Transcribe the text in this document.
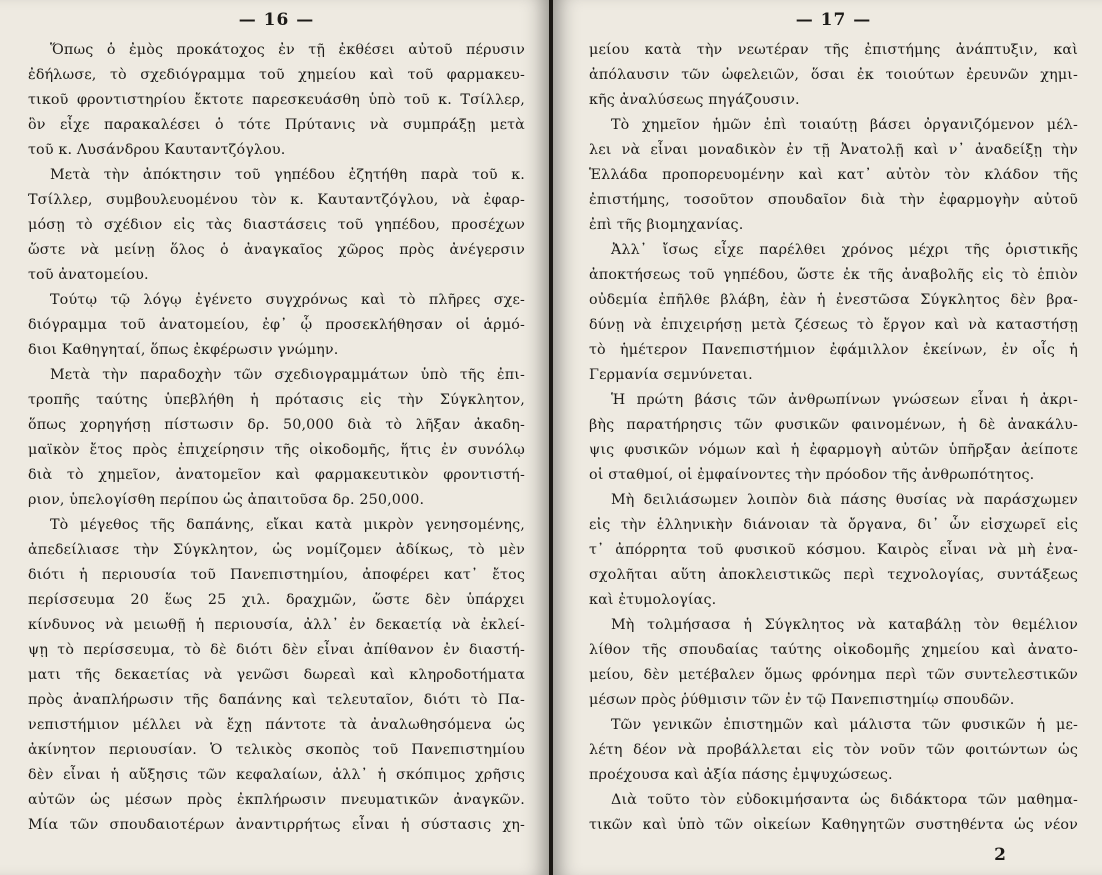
— 16 —
Ὅπως ὁ ἐμὸς προκάτοχος ἐν τῇ ἐκθέσει αὐτοῦ πέρυσιν
ἐδήλωσε, τὸ σχεδιόγραμμα τοῦ χημείου καὶ τοῦ φαρμακευ-
τικοῦ φροντιστηρίου ἔκτοτε παρεσκευάσθη ὑπὸ τοῦ κ. Τσίλλερ,
ὃν εἶχε παρακαλέσει ὁ τότε Πρύτανις νὰ συμπράξῃ μετὰ
τοῦ κ. Λυσάνδρου Καυταντζόγλου.
Μετὰ τὴν ἀπόκτησιν τοῦ γηπέδου ἐζητήθη παρὰ τοῦ κ.
Τσίλλερ, συμβουλευομένου τὸν κ. Καυταντζόγλου, νὰ ἐφαρ-
μόσῃ τὸ σχέδιον εἰς τὰς διαστάσεις τοῦ γηπέδου, προσέχων
ὥστε νὰ μείνῃ ὅλος ὁ ἀναγκαῖος χῶρος πρὸς ἀνέγερσιν
τοῦ ἀνατομείου.
Τούτῳ τῷ λόγῳ ἐγένετο συγχρόνως καὶ τὸ πλῆρες σχε-
διόγραμμα τοῦ ἀνατομείου, ἐφ᾽ ᾧ προσεκλήθησαν οἱ ἁρμό-
διοι Καθηγηταί, ὅπως ἐκφέρωσιν γνώμην.
Μετὰ τὴν παραδοχὴν τῶν σχεδιογραμμάτων ὑπὸ τῆς ἐπι-
τροπῆς ταύτης ὑπεβλήθη ἡ πρότασις εἰς τὴν Σύγκλητον,
ὅπως χορηγήσῃ πίστωσιν δρ. 50,000 διὰ τὸ λῆξαν ἀκαδη-
μαϊκὸν ἔτος πρὸς ἐπιχείρησιν τῆς οἰκοδομῆς, ἥτις ἐν συνόλῳ
διὰ τὸ χημεῖον, ἀνατομεῖον καὶ φαρμακευτικὸν φροντιστή-
ριον, ὑπελογίσθη περίπου ὡς ἀπαιτοῦσα δρ. 250,000.
Τὸ μέγεθος τῆς δαπάνης, εἴκαι κατὰ μικρὸν γενησομένης,
ἀπεδείλιασε τὴν Σύγκλητον, ὡς νομίζομεν ἀδίκως, τὸ μὲν
διότι ἡ περιουσία τοῦ Πανεπιστημίου, ἀποφέρει κατ᾽ ἔτος
περίσσευμα 20 ἕως 25 χιλ. δραχμῶν, ὥστε δὲν ὑπάρχει
κίνδυνος νὰ μειωθῇ ἡ περιουσία, ἀλλ᾽ ἐν δεκαετίᾳ νὰ ἐκλεί-
ψῃ τὸ περίσσευμα, τὸ δὲ διότι δὲν εἶναι ἀπίθανον ἐν διαστή-
ματι τῆς δεκαετίας νὰ γενῶσι δωρεαὶ καὶ κληροδοτήματα
πρὸς ἀναπλήρωσιν τῆς δαπάνης καὶ τελευταῖον, διότι τὸ Πα-
νεπιστήμιον μέλλει νὰ ἔχῃ πάντοτε τὰ ἀναλωθησόμενα ὡς
ἀκίνητον περιουσίαν. Ὁ τελικὸς σκοπὸς τοῦ Πανεπιστημίου
δὲν εἶναι ἡ αὔξησις τῶν κεφαλαίων, ἀλλ᾽ ἡ σκόπιμος χρῆσις
αὐτῶν ὡς μέσων πρὸς ἐκπλήρωσιν πνευματικῶν ἀναγκῶν.
Μία τῶν σπουδαιοτέρων ἀναντιρρήτως εἶναι ἡ σύστασις χη-
— 17 —
μείου κατὰ τὴν νεωτέραν τῆς ἐπιστήμης ἀνάπτυξιν, καὶ
ἀπόλαυσιν τῶν ὠφελειῶν, ὅσαι ἐκ τοιούτων ἐρευνῶν χημι-
κῆς ἀναλύσεως πηγάζουσιν.
Τὸ χημεῖον ἡμῶν ἐπὶ τοιαύτῃ βάσει ὀργανιζόμενον μέλ-
λει νὰ εἶναι μοναδικὸν ἐν τῇ Ἀνατολῇ καὶ ν᾽ ἀναδείξῃ τὴν
Ἑλλάδα προπορευομένην καὶ κατ᾽ αὐτὸν τὸν κλάδον τῆς
ἐπιστήμης, τοσοῦτον σπουδαῖον διὰ τὴν ἐφαρμογὴν αὐτοῦ
ἐπὶ τῆς βιομηχανίας.
Ἀλλ᾽ ἴσως εἶχε παρέλθει χρόνος μέχρι τῆς ὁριστικῆς
ἀποκτήσεως τοῦ γηπέδου, ὥστε ἐκ τῆς ἀναβολῆς εἰς τὸ ἑπιὸν
οὐδεμία ἐπῆλθε βλάβη, ἐὰν ἡ ἐνεστῶσα Σύγκλητος δὲν βρα-
δύνῃ νὰ ἐπιχειρήσῃ μετὰ ζέσεως τὸ ἔργον καὶ νὰ καταστήσῃ
τὸ ἡμέτερον Πανεπιστήμιον ἐφάμιλλον ἐκείνων, ἐν οἷς ἡ
Γερμανία σεμνύνεται.
Ἡ πρώτη βάσις τῶν ἀνθρωπίνων γνώσεων εἶναι ἡ ἀκρι-
βὴς παρατήρησις τῶν φυσικῶν φαινομένων, ἡ δὲ ἀνακάλυ-
ψις φυσικῶν νόμων καὶ ἡ ἐφαρμογὴ αὐτῶν ὑπῆρξαν ἀείποτε
οἱ σταθμοί, οἱ ἐμφαίνοντες τὴν πρόοδον τῆς ἀνθρωπότητος.
Μὴ δειλιάσωμεν λοιπὸν διὰ πάσης θυσίας νὰ παράσχωμεν
εἰς τὴν ἑλληνικὴν διάνοιαν τὰ ὄργανα, δι᾽ ὧν εἰσχωρεῖ εἰς
τ᾽ ἀπόρρητα τοῦ φυσικοῦ κόσμου. Καιρὸς εἶναι νὰ μὴ ἐνα-
σχολῆται αὕτη ἀποκλειστικῶς περὶ τεχνολογίας, συντάξεως
καὶ ἐτυμολογίας.
Μὴ τολμήσασα ἡ Σύγκλητος νὰ καταβάλῃ τὸν θεμέλιον
λίθον τῆς σπουδαίας ταύτης οἰκοδομῆς χημείου καὶ ἀνατο-
μείου, δὲν μετέβαλεν ὅμως φρόνημα περὶ τῶν συντελεστικῶν
μέσων πρὸς ῥύθμισιν τῶν ἐν τῷ Πανεπιστημίῳ σπουδῶν.
Τῶν γενικῶν ἐπιστημῶν καὶ μάλιστα τῶν φυσικῶν ἡ με-
λέτη δέον νὰ προβάλλεται εἰς τὸν νοῦν τῶν φοιτώντων ὡς
προέχουσα καὶ ἀξία πάσης ἐμψυχώσεως.
Διὰ τοῦτο τὸν εὐδοκιμήσαντα ὡς διδάκτορα τῶν μαθημα-
τικῶν καὶ ὑπὸ τῶν οἰκείων Καθηγητῶν συστηθέντα ὡς νέον
2
